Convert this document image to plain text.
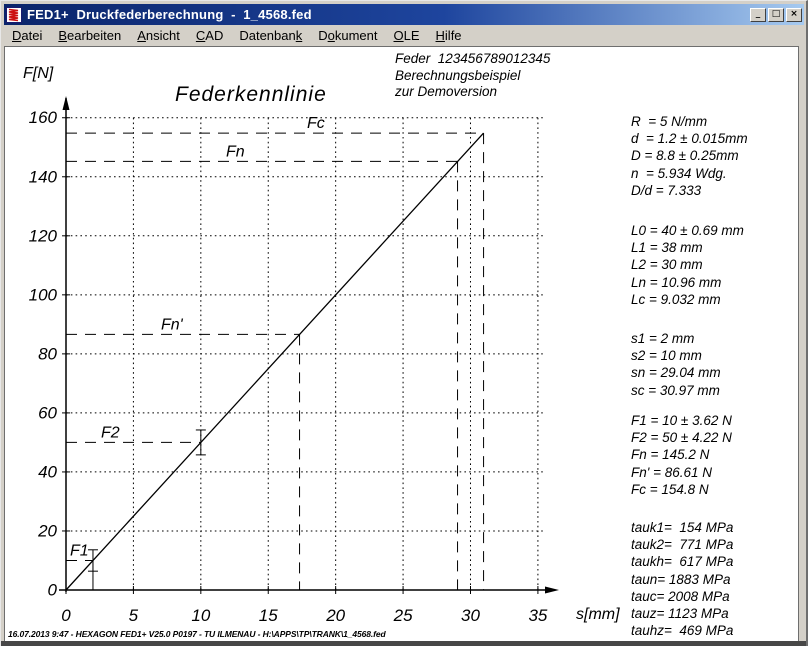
FED1+  Druckfederberechnung  -  1_4568.fed	_	□	×
Datei	Bearbeiten	Ansicht	CAD	Datenbank	Dokument	OLE	Hilfe
F1
F2
Fn'
Fn
Fc
0
20
40
60
80
100
120
140
160
0	5	10	15	20	25	30	35
F[N]
Federkennlinie
Feder  123456789012345
Berechnungsbeispiel
zur Demoversion
s[mm]
R  = 5 N/mm
d  = 1.2 ± 0.015mm
D = 8.8 ± 0.25mm
n  = 5.934 Wdg.
D/d = 7.333
L0 = 40 ± 0.69 mm
L1 = 38 mm
L2 = 30 mm
Ln = 10.96 mm
Lc = 9.032 mm
s1 = 2 mm
s2 = 10 mm
sn = 29.04 mm
sc = 30.97 mm
F1 = 10 ± 3.62 N
F2 = 50 ± 4.22 N
Fn = 145.2 N
Fn' = 86.61 N
Fc = 154.8 N
tauk1=  154 MPa
tauk2=  771 MPa
taukh=  617 MPa
taun= 1883 MPa
tauc= 2008 MPa
tauz= 1123 MPa
tauhz=  469 MPa
16.07.2013 9:47 - HEXAGON FED1+ V25.0 P0197 - TU ILMENAU - H:\APPS\TP\TRANK\1_4568.fed
